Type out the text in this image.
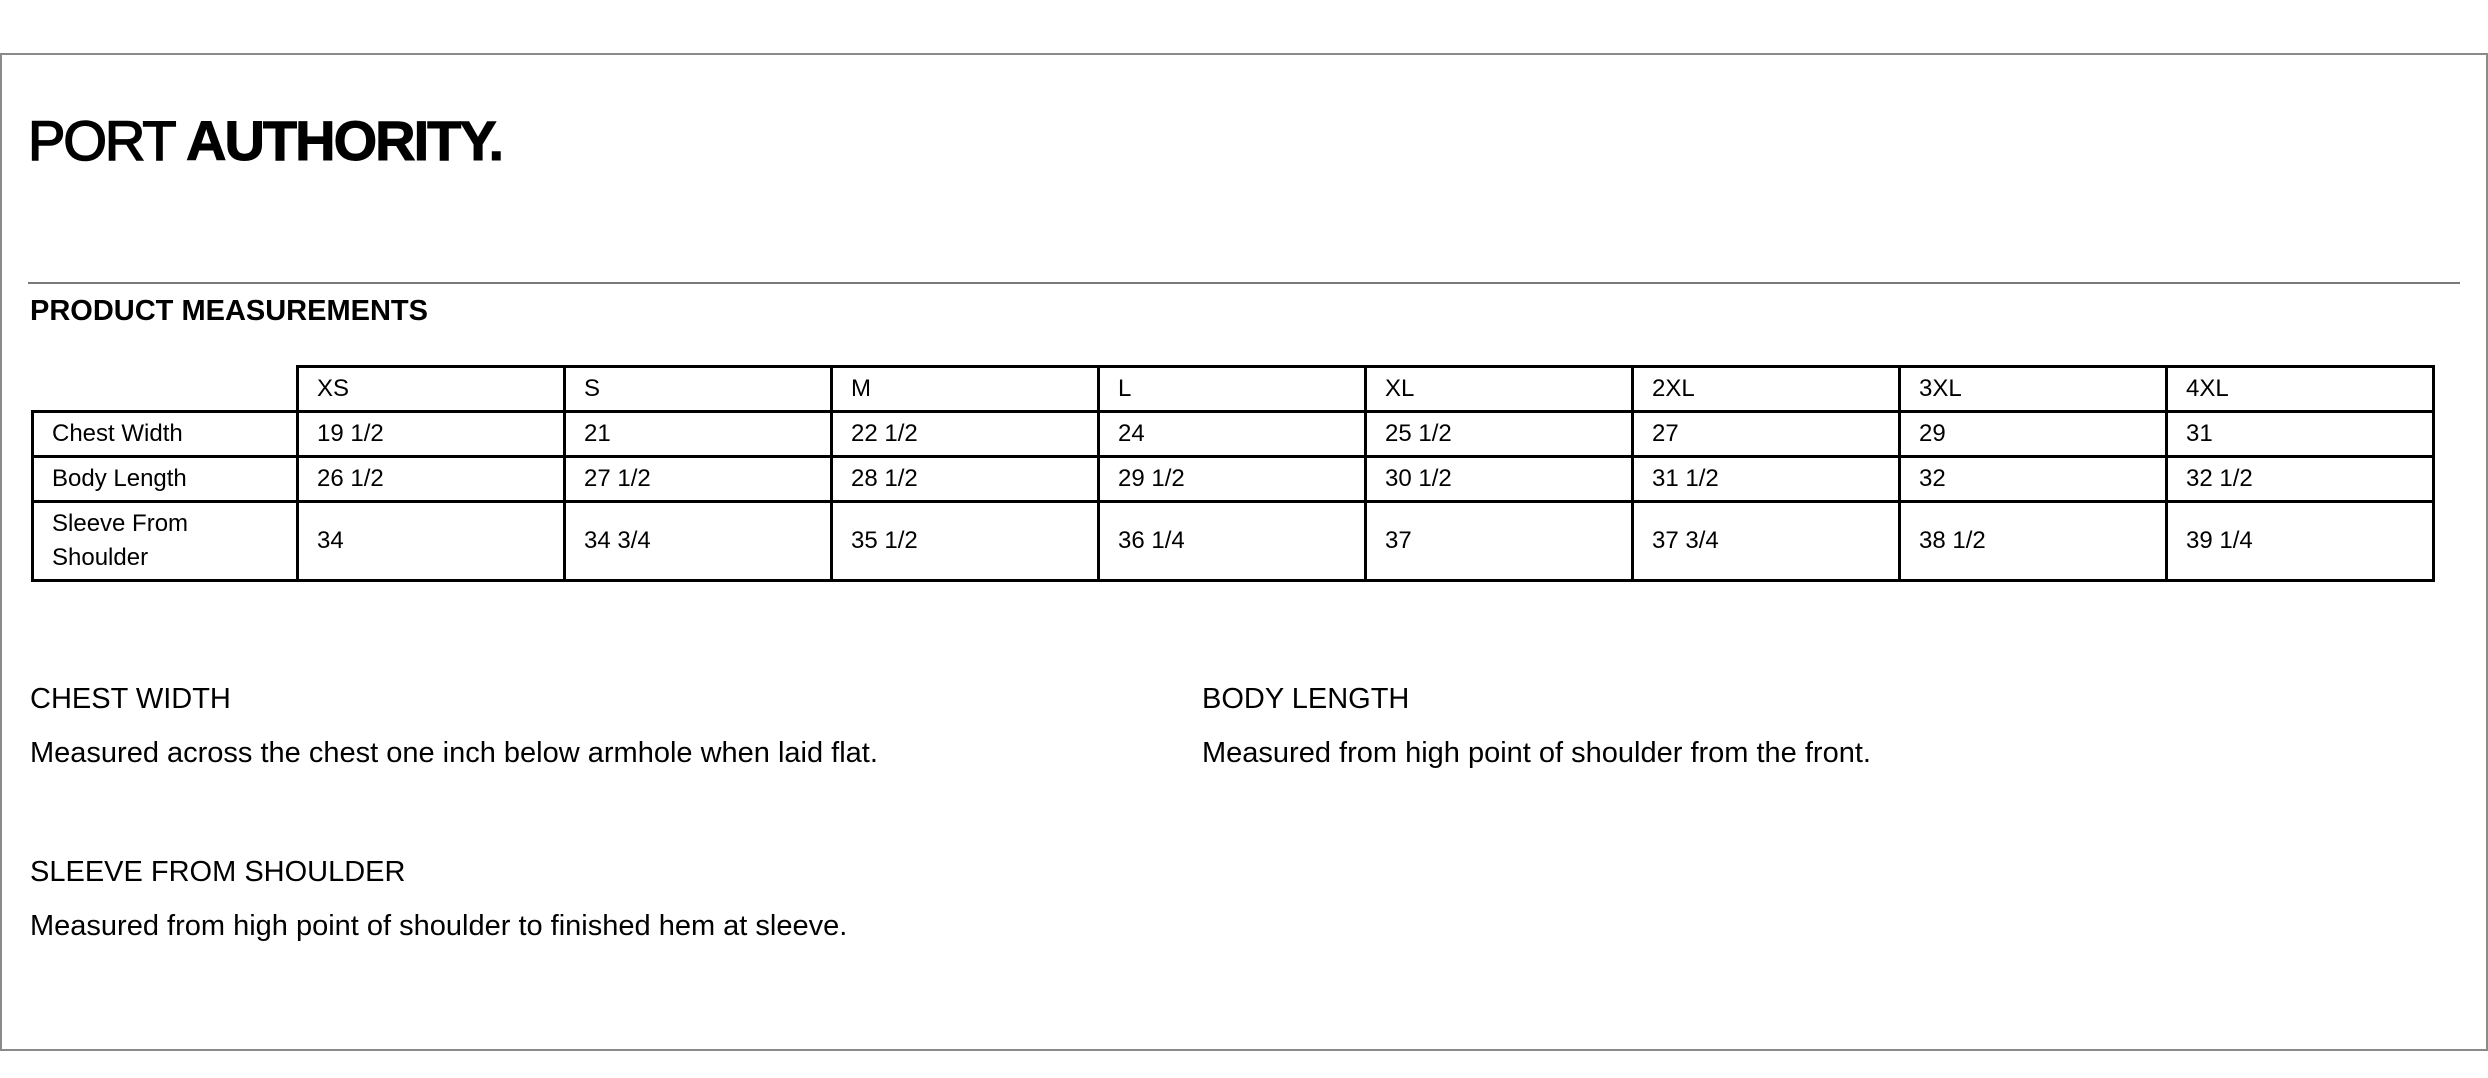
PORT AUTHORITY.
PRODUCT MEASUREMENTS
	XS	S	M	L	XL	2XL	3XL	4XL
Chest Width	19 1/2	21	22 1/2	24	25 1/2	27	29	31
Body Length	26 1/2	27 1/2	28 1/2	29 1/2	30 1/2	31 1/2	32	32 1/2
Sleeve From
Shoulder	34	34 3/4	35 1/2	36 1/4	37	37 3/4	38 1/2	39 1/4
CHEST WIDTH

Measured across the chest one inch below armhole when laid flat.

BODY LENGTH

Measured from high point of shoulder from the front.

SLEEVE FROM SHOULDER

Measured from high point of shoulder to finished hem at sleeve.
